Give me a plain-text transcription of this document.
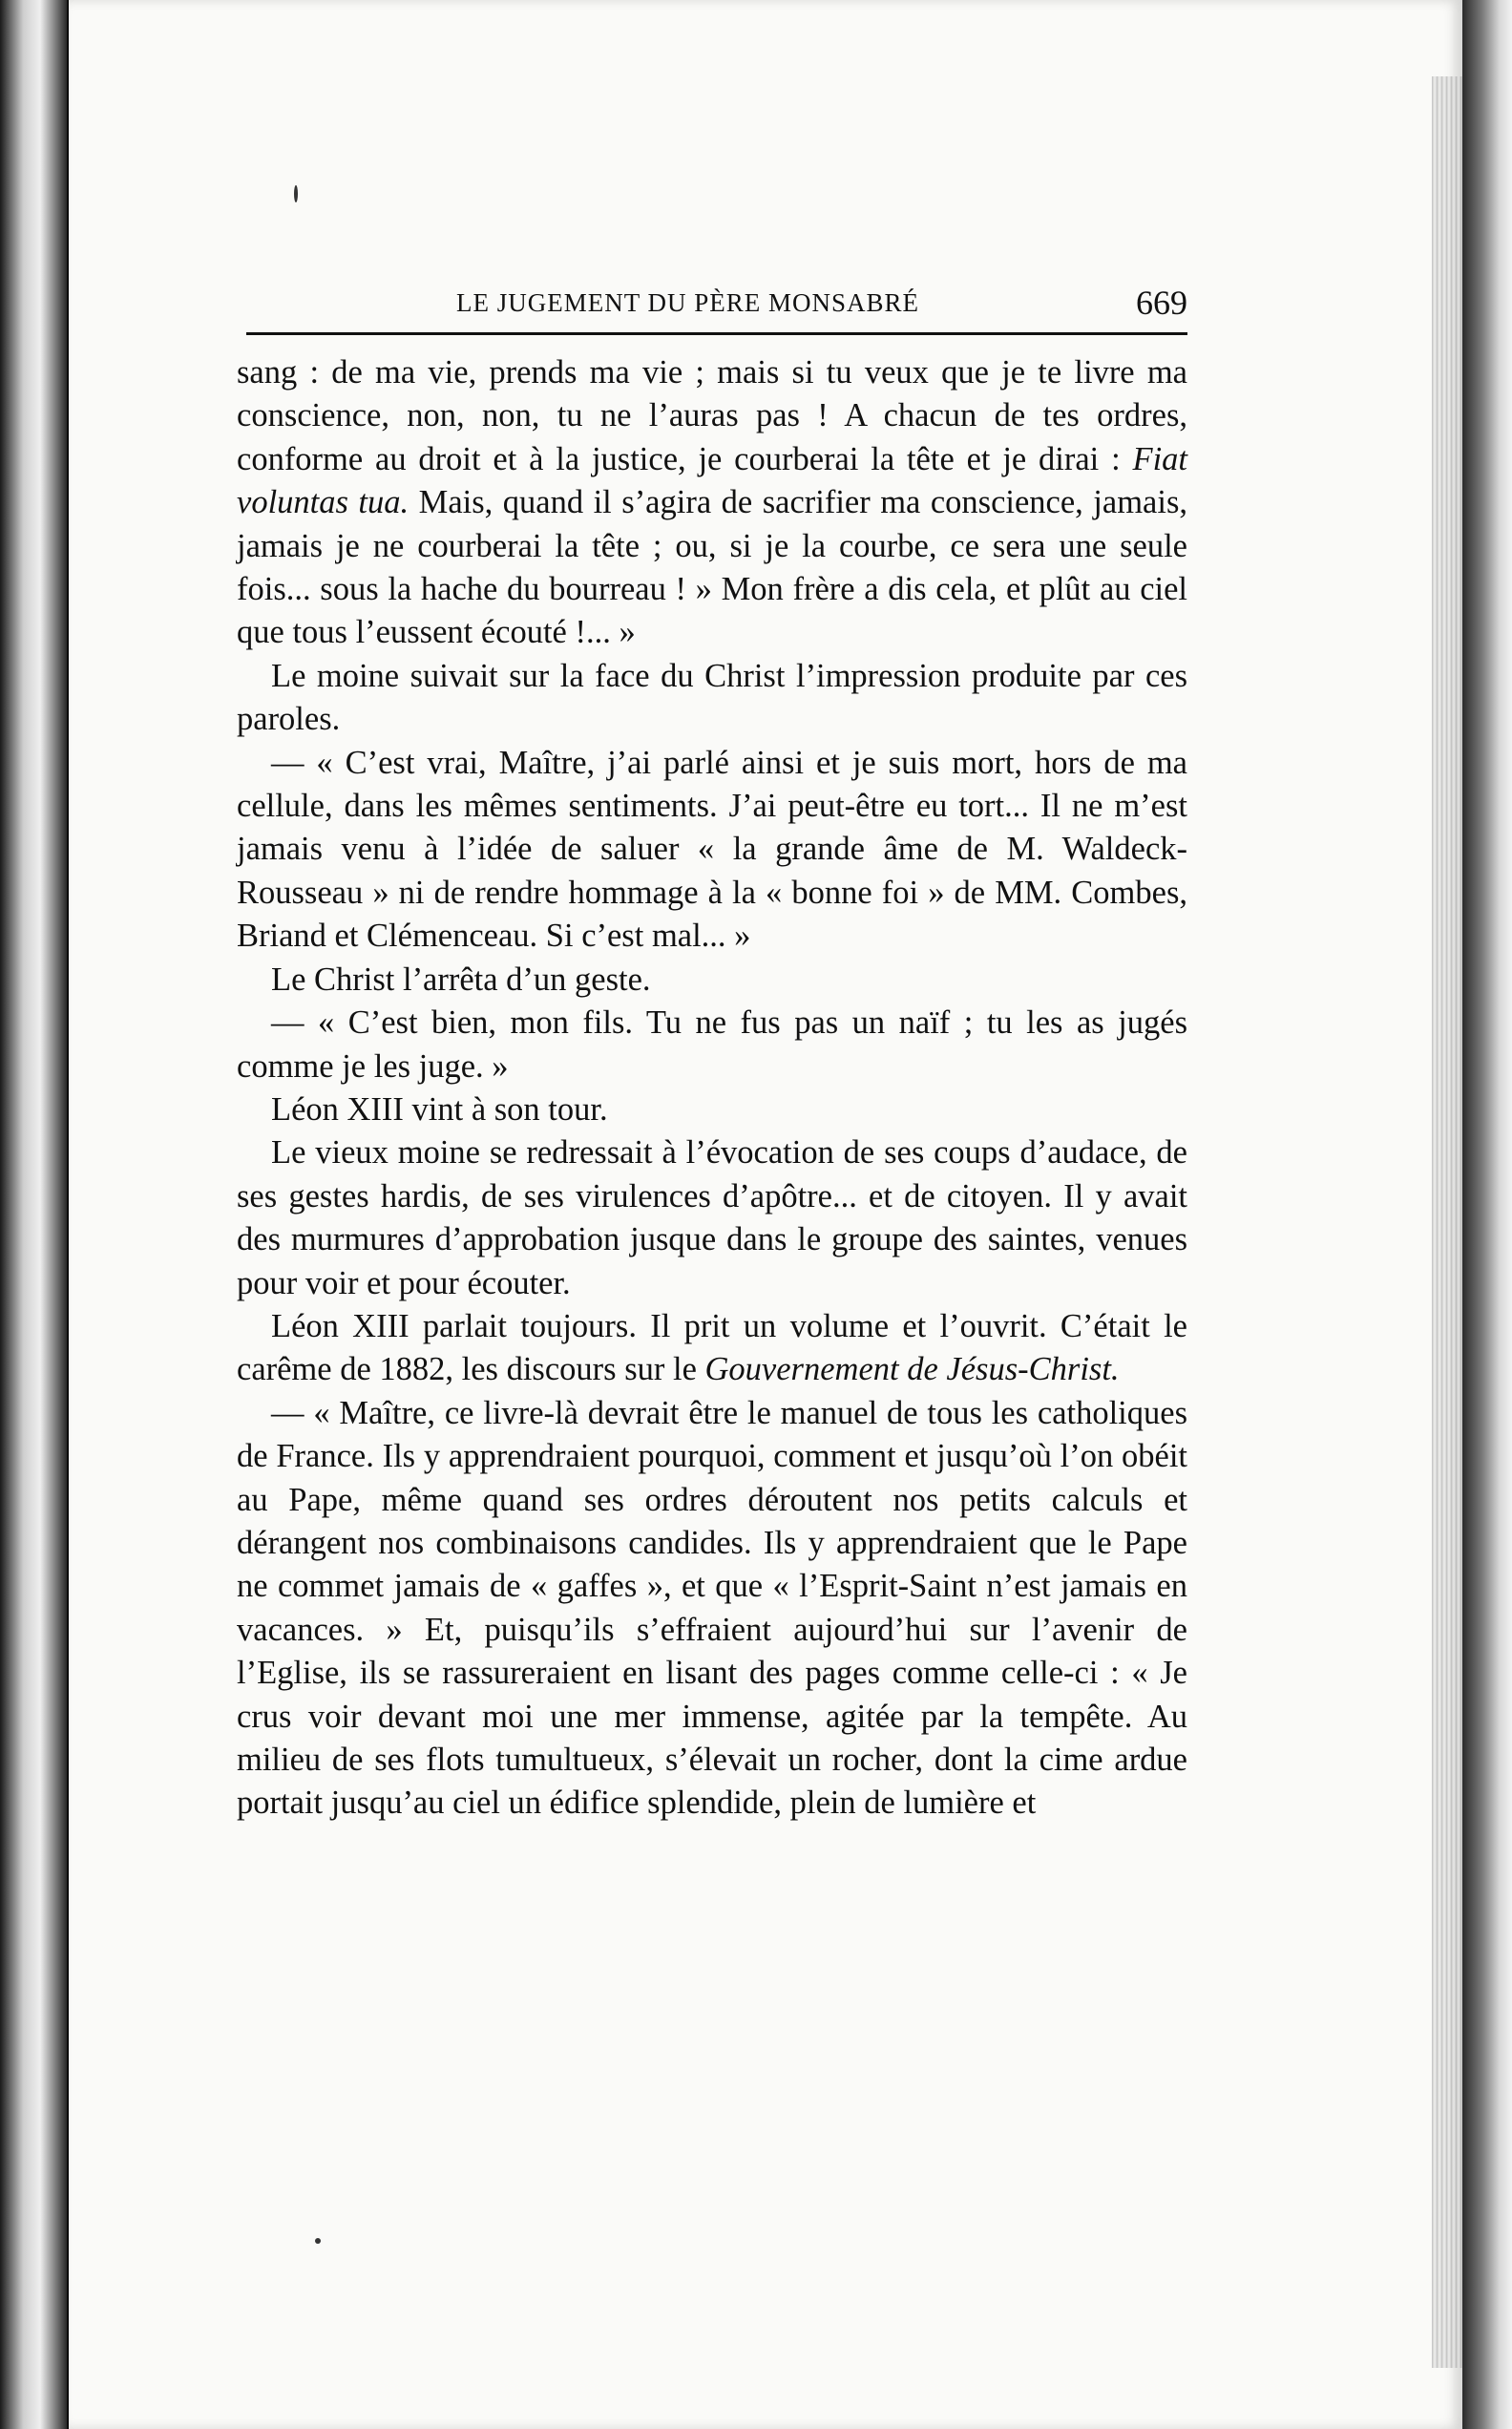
LE JUGEMENT DU PÈRE MONSABRÉ	669

sang : de ma vie, prends ma vie ; mais si tu veux que je te livre ma conscience, non, non, tu ne l’auras pas ! A chacun de tes ordres, conforme au droit et à la justice, je courberai la tête et je dirai : Fiat voluntas tua. Mais, quand il s’agira de sacrifier ma conscience, jamais, jamais je ne courberai la tête ; ou, si je la courbe, ce sera une seule fois... sous la hache du bourreau ! » Mon frère a dis cela, et plût au ciel que tous l’eussent écouté !... »

Le moine suivait sur la face du Christ l’impression produite par ces paroles.

— « C’est vrai, Maître, j’ai parlé ainsi et je suis mort, hors de ma cellule, dans les mêmes sentiments. J’ai peut-être eu tort... Il ne m’est jamais venu à l’idée de saluer « la grande âme de M. Waldeck-Rousseau » ni de rendre hommage à la « bonne foi » de MM. Combes, Briand et Clémenceau. Si c’est mal... »

Le Christ l’arrêta d’un geste.

— « C’est bien, mon fils. Tu ne fus pas un naïf ; tu les as jugés comme je les juge. »

Léon XIII vint à son tour.

Le vieux moine se redressait à l’évocation de ses coups d’audace, de ses gestes hardis, de ses virulences d’apôtre... et de citoyen. Il y avait des murmures d’approbation jusque dans le groupe des saintes, venues pour voir et pour écouter.

Léon XIII parlait toujours. Il prit un volume et l’ouvrit. C’était le carême de 1882, les discours sur le Gouvernement de Jésus-Christ.

— « Maître, ce livre-là devrait être le manuel de tous les catholiques de France. Ils y apprendraient pourquoi, comment et jusqu’où l’on obéit au Pape, même quand ses ordres déroutent nos petits calculs et dérangent nos combinaisons candides. Ils y apprendraient que le Pape ne commet jamais de « gaffes », et que « l’Esprit-Saint n’est jamais en vacances. » Et, puisqu’ils s’effraient aujourd’hui sur l’avenir de l’Eglise, ils se rassureraient en lisant des pages comme celle-ci : « Je crus voir devant moi une mer immense, agitée par la tempête. Au milieu de ses flots tumultueux, s’élevait un rocher, dont la cime ardue portait jusqu’au ciel un édifice splendide, plein de lumière et
